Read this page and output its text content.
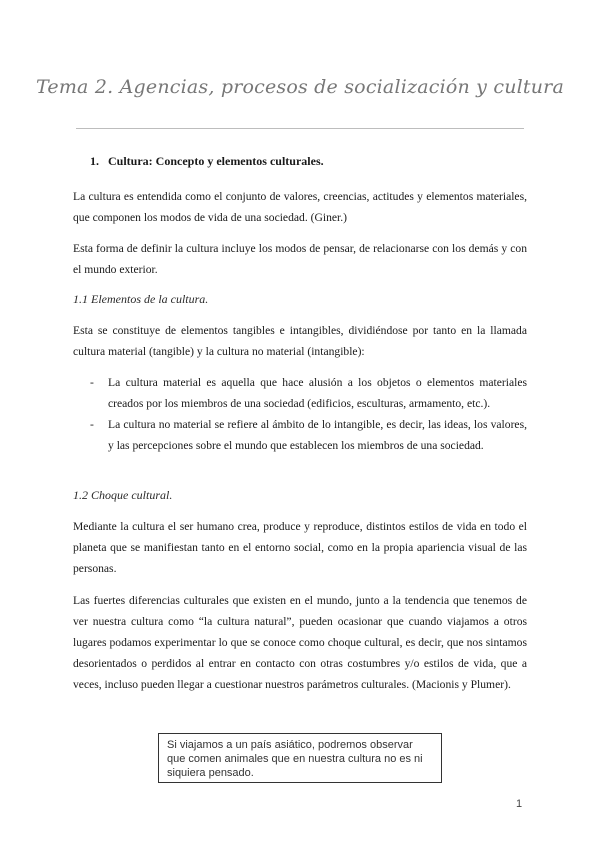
Tema 2. Agencias, procesos de socialización y cultura

1. Cultura: Concepto y elementos culturales.

La cultura es entendida como el conjunto de valores, creencias, actitudes y elementos materiales, que componen los modos de vida de una sociedad. (Giner.)

Esta forma de definir la cultura incluye los modos de pensar, de relacionarse con los demás y con el mundo exterior.

1.1 Elementos de la cultura.

Esta se constituye de elementos tangibles e intangibles, dividiéndose por tanto en la llamada cultura material (tangible) y la cultura no material (intangible):

- La cultura material es aquella que hace alusión a los objetos o elementos materiales creados por los miembros de una sociedad (edificios, esculturas, armamento, etc.).
- La cultura no material se refiere al ámbito de lo intangible, es decir, las ideas, los valores, y las percepciones sobre el mundo que establecen los miembros de una sociedad.

1.2 Choque cultural.

Mediante la cultura el ser humano crea, produce y reproduce, distintos estilos de vida en todo el planeta que se manifiestan tanto en el entorno social, como en la propia apariencia visual de las personas.

Las fuertes diferencias culturales que existen en el mundo, junto a la tendencia que tenemos de ver nuestra cultura como “la cultura natural”, pueden ocasionar que cuando viajamos a otros lugares podamos experimentar lo que se conoce como choque cultural, es decir, que nos sintamos desorientados o perdidos al entrar en contacto con otras costumbres y/o estilos de vida, que a veces, incluso pueden llegar a cuestionar nuestros parámetros culturales. (Macionis y Plumer).

Si viajamos a un país asiático, podremos observar que comen animales que en nuestra cultura no es ni siquiera pensado.
1
